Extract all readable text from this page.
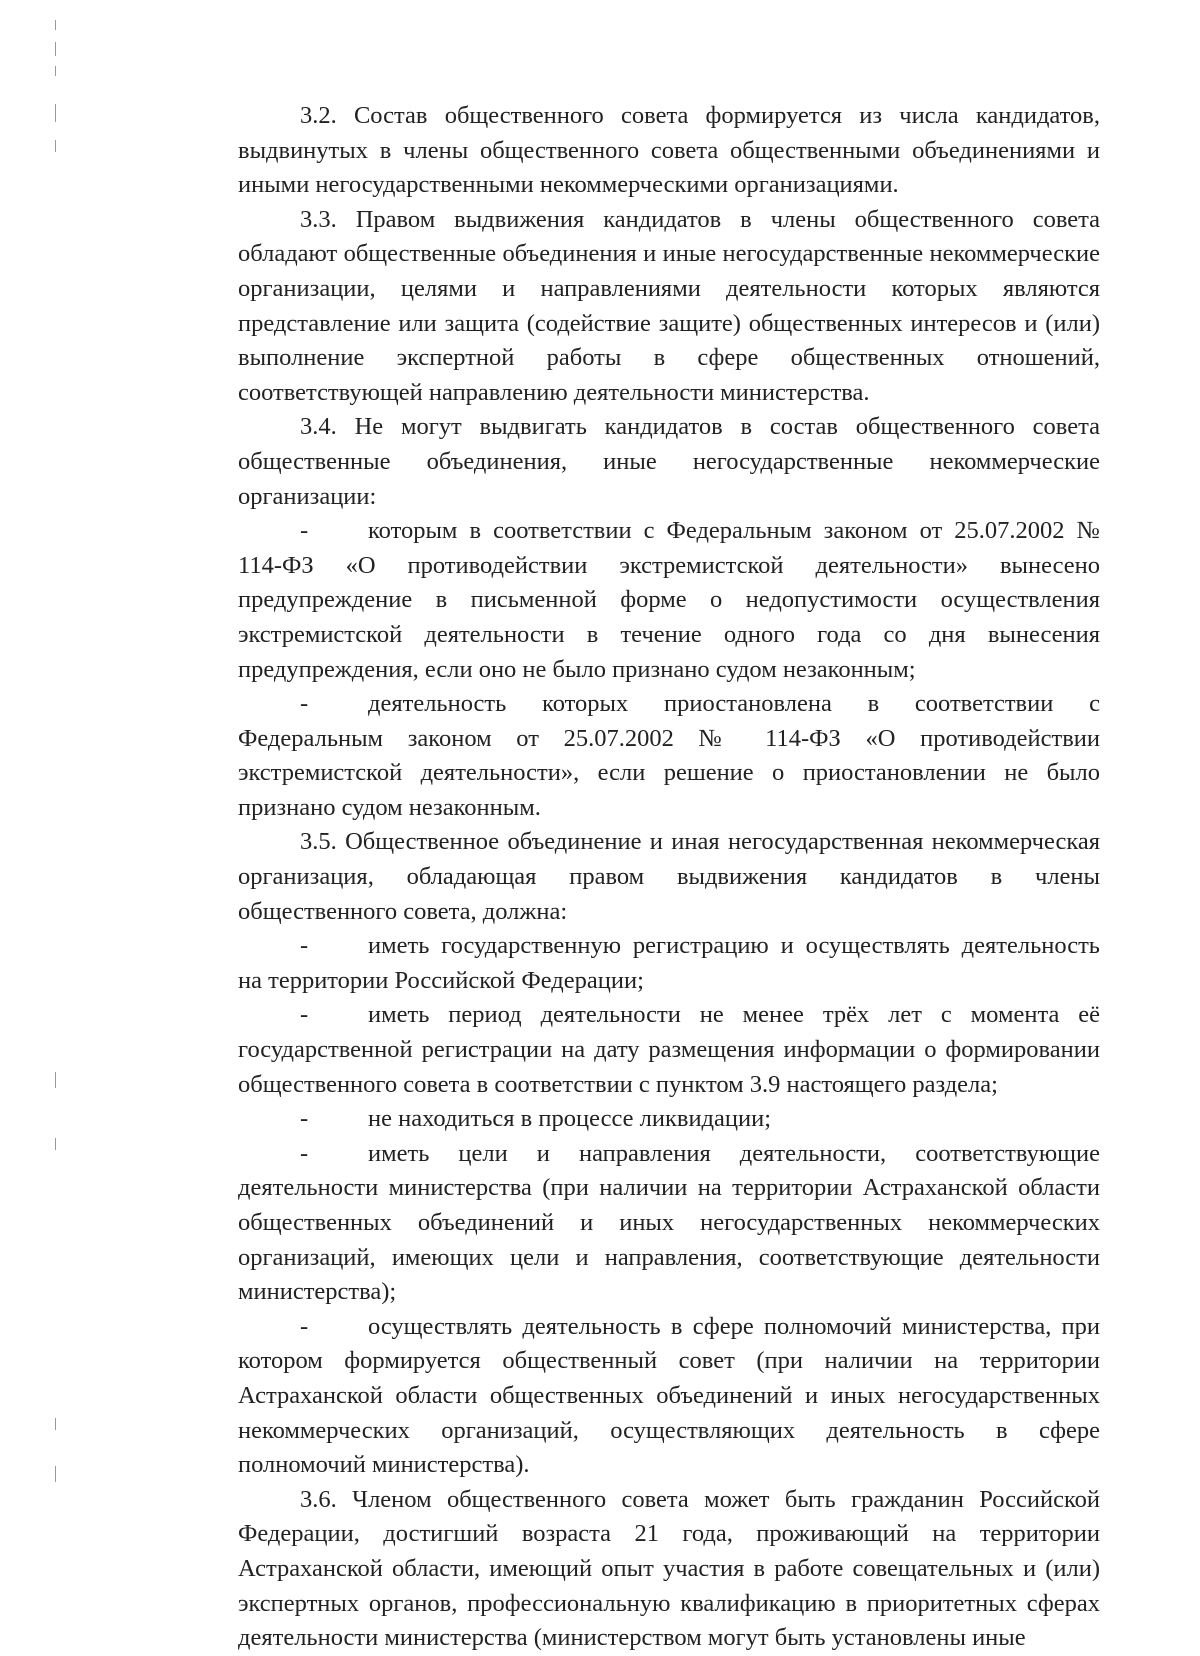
3.2. Состав общественного совета формируется из числа кандидатов, выдвинутых в члены общественного совета общественными объединениями и иными негосударственными некоммерческими организациями.

3.3. Правом выдвижения кандидатов в члены общественного совета обладают общественные объединения и иные негосударственные некоммерческие организации, целями и направлениями деятельности которых являются представление или защита (содействие защите) общественных интересов и (или) выполнение экспертной работы в сфере общественных отношений, соответствующей направлению деятельности министерства.

3.4. Не могут выдвигать кандидатов в состав общественного совета общественные объединения, иные негосударственные некоммерческие организации:

- которым в соответствии с Федеральным законом от 25.07.2002 № 114-ФЗ «О противодействии экстремистской деятельности» вынесено предупреждение в письменной форме о недопустимости осуществления экстремистской деятельности в течение одного года со дня вынесения предупреждения, если оно не было признано судом незаконным;

- деятельность которых приостановлена в соответствии с Федеральным законом от 25.07.2002 № 114-ФЗ «О противодействии экстремистской деятельности», если решение о приостановлении не было признано судом незаконным.

3.5. Общественное объединение и иная негосударственная некоммерческая организация, обладающая правом выдвижения кандидатов в члены общественного совета, должна:

- иметь государственную регистрацию и осуществлять деятельность на территории Российской Федерации;

- иметь период деятельности не менее трёх лет с момента её государственной регистрации на дату размещения информации о формировании общественного совета в соответствии с пунктом 3.9 настоящего раздела;

- не находиться в процессе ликвидации;

- иметь цели и направления деятельности, соответствующие деятельности министерства (при наличии на территории Астраханской области общественных объединений и иных негосударственных некоммерческих организаций, имеющих цели и направления, соответствующие деятельности министерства);

- осуществлять деятельность в сфере полномочий министерства, при котором формируется общественный совет (при наличии на территории Астраханской области общественных объединений и иных негосударственных некоммерческих организаций, осуществляющих деятельность в сфере полномочий министерства).

3.6. Членом общественного совета может быть гражданин Российской Федерации, достигший возраста 21 года, проживающий на территории Астраханской области, имеющий опыт участия в работе совещательных и (или) экспертных органов, профессиональную квалификацию в приоритетных сферах деятельности министерства (министерством могут быть установлены иные
